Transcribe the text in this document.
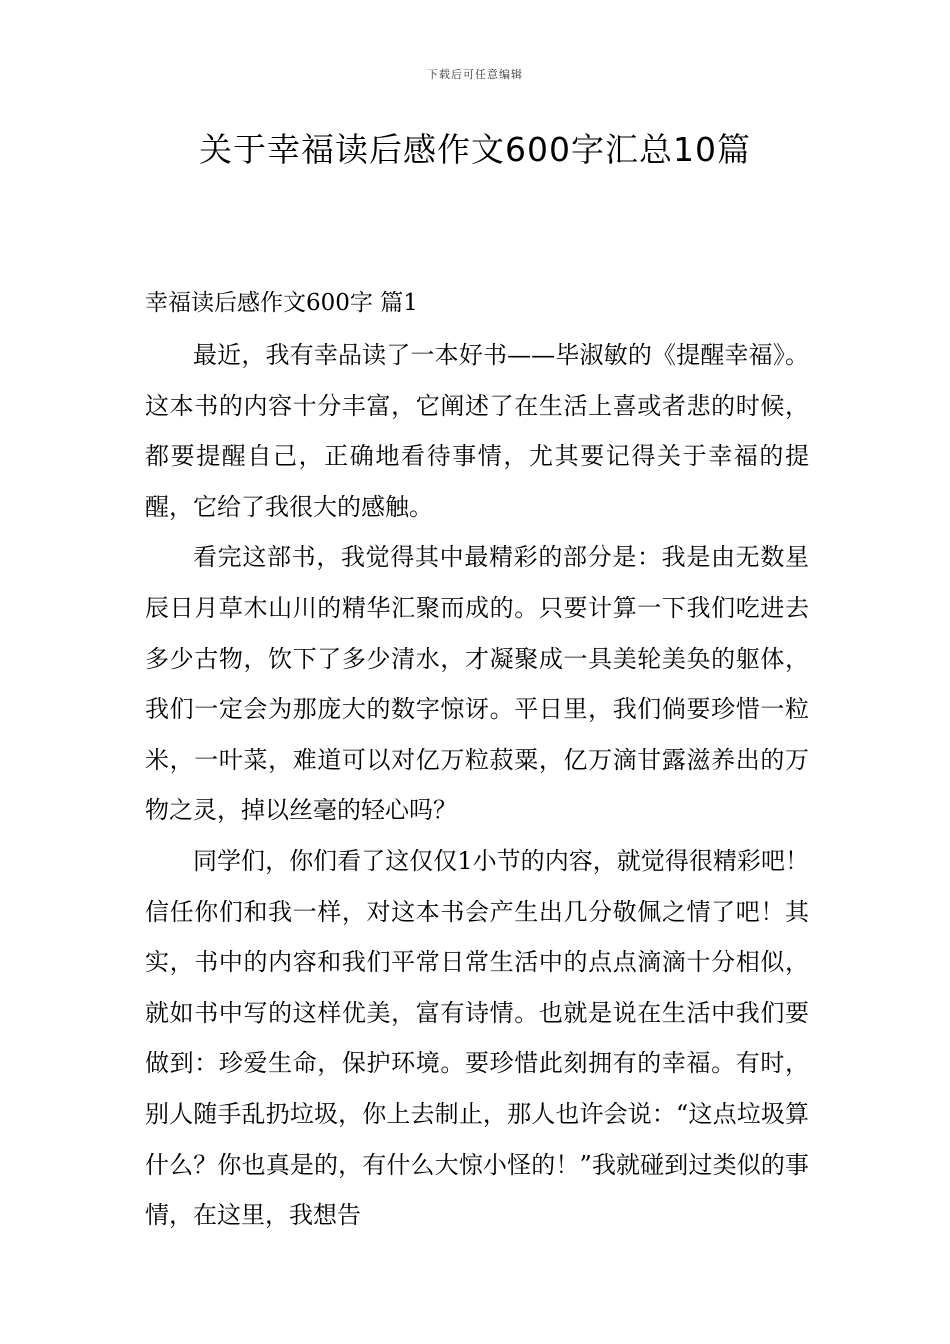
下载后可任意编辑
关于幸福读后感作文600字汇总10篇
幸福读后感作文600字 篇1

最近，我有幸品读了一本好书——毕淑敏的《提醒幸福》。这本书的内容十分丰富，它阐述了在生活上喜或者悲的时候，都要提醒自己，正确地看待事情，尤其要记得关于幸福的提醒，它给了我很大的感触。

看完这部书，我觉得其中最精彩的部分是：我是由无数星辰日月草木山川的精华汇聚而成的。只要计算一下我们吃进去多少古物，饮下了多少清水，才凝聚成一具美轮美奂的躯体，我们一定会为那庞大的数字惊讶。平日里，我们倘要珍惜一粒米，一叶菜，难道可以对亿万粒菽粟，亿万滴甘露滋养出的万物之灵，掉以丝毫的轻心吗？

同学们，你们看了这仅仅1小节的内容，就觉得很精彩吧！信任你们和我一样，对这本书会产生出几分敬佩之情了吧！其实，书中的内容和我们平常日常生活中的点点滴滴十分相似，就如书中写的这样优美，富有诗情。也就是说在生活中我们要做到：珍爱生命，保护环境。要珍惜此刻拥有的幸福。有时，别人随手乱扔垃圾，你上去制止，那人也许会说：“这点垃圾算什么？你也真是的，有什么大惊小怪的！”我就碰到过类似的事情，在这里，我想告
